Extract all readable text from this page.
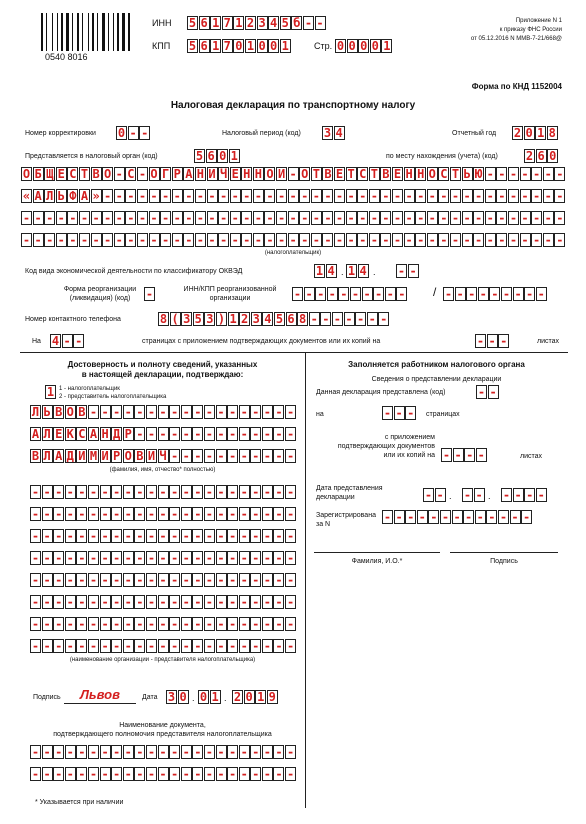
0540 8016
ИНН 5 6 1 7 1 2 3 4 5 б - -
КПП 5 6 1 7 0 1 0 0 1	Стр. 0 0 0 0 1
Приложение N 1
к приказу ФНС России
от 05.12.2016 N ММВ-7-21/668@
Форма по КНД 1152004
Налоговая декларация по транспортному налогу
Номер корректировки 0 - -	Налоговый период (код) 3 4	Отчетный год 2 0 1 8
Представляется в налоговый орган (код)	5 6 0 1	по месту нахождения (учета) (код) 2 6 0
О Б Щ Е С Т В О - С - О Г Р А Н И Ч Е Н Н О Й - О Т В Е Т С Т В Е Н Н О С Т Ь Ю - - - - - - -
« А Л Ь Ф А » - - - - - - - - - - - - - - - - - - - - - - - - - - - - - - - - - - - - - - - -
- - - - - - - - - - - - - - - - - - - - - - - - - - - - - - - - - - - - - - - - - - - - - - -
- - - - - - - - - - - - - - - - - - - - - - - - - - - - - - - - - - - - - - - - - - - - - - -
(налогоплательщик)
Код вида экономической деятельности по классификатору ОКВЭД	1 4 . 1 4 . - -
Форма реорганизации
(ликвидация) (код)	-	ИНН/КПП реорганизованной
организации	- - - - - - - - - - / - - - - - - - - -
Номер контактного телефона	8 ( 3 5 3 ) 1 2 3 4 5 6 8 - - - - - - -
На 4 - -	страницах с приложением подтверждающих документов или их копий на	- - -	листах
Достоверность и полноту сведений, указанных
в настоящей декларации, подтверждаю:
1 1 - налогоплательщик
2 - представитель налогоплательщика
Л Ь В О В - - - - - - - - - - - - - - - - - -
А Л Е К С А Н Д Р - - - - - - - - - - - - - -
В Л А Д И М И Р О В И Ч - - - - - - - - - - -
(фамилия, имя, отчество* полностью)
- - - - - - - - - - - - - - - - - - - - - - -
- - - - - - - - - - - - - - - - - - - - - - -
- - - - - - - - - - - - - - - - - - - - - - -
- - - - - - - - - - - - - - - - - - - - - - -
- - - - - - - - - - - - - - - - - - - - - - -
- - - - - - - - - - - - - - - - - - - - - - -
- - - - - - - - - - - - - - - - - - - - - - -
- - - - - - - - - - - - - - - - - - - - - - -
(наименование организации - представителя налогоплательщика)
Подпись Львов	Дата 3 0 . 0 1 . 2 0 1 9
Наименование документа,
подтверждающего полномочия представителя налогоплательщика
- - - - - - - - - - - - - - - - - - - - - - -
- - - - - - - - - - - - - - - - - - - - - - -
* Указывается при наличии
Заполняется работником налогового органа
Сведения о представлении декларации
Данная декларация представлена (код)	- -
на	- - - страницах
с приложением
подтверждающих документов
или их копий на - - - -	листах
Дата представления
декларации	- - . - - . - - - -
Зарегистрирована
за N
- - - - - - - - - - - - -
Фамилия, И.О.*	Подпись
